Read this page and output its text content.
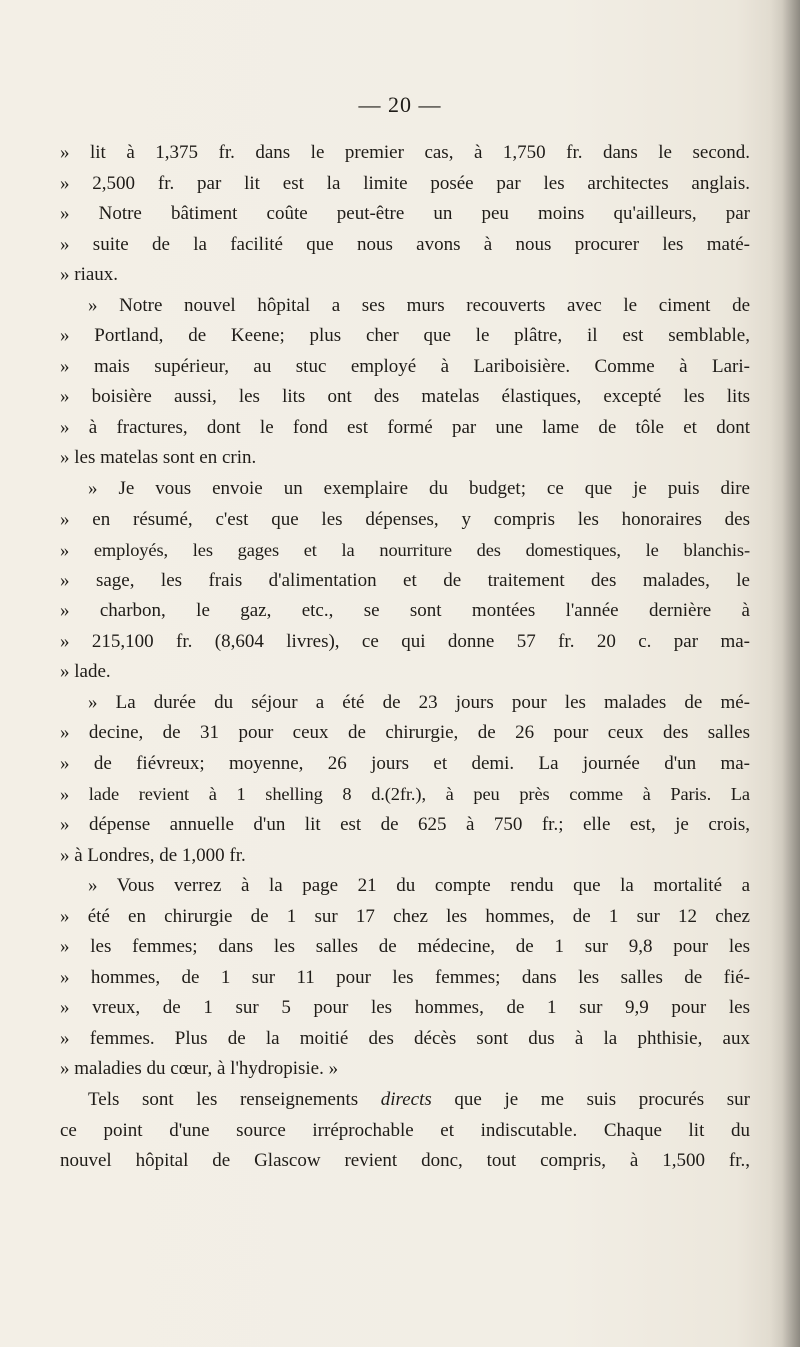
— 20 —
» lit à 1,375 fr. dans le premier cas, à 1,750 fr. dans le second.
» 2,500 fr. par lit est la limite posée par les architectes anglais.
» Notre bâtiment coûte peut-être un peu moins qu'ailleurs, par
» suite de la facilité que nous avons à nous procurer les maté-
» riaux.
» Notre nouvel hôpital a ses murs recouverts avec le ciment de
» Portland, de Keene; plus cher que le plâtre, il est semblable,
» mais supérieur, au stuc employé à Lariboisière. Comme à Lari-
» boisière aussi, les lits ont des matelas élastiques, excepté les lits
» à fractures, dont le fond est formé par une lame de tôle et dont
» les matelas sont en crin.
» Je vous envoie un exemplaire du budget; ce que je puis dire
» en résumé, c'est que les dépenses, y compris les honoraires des
» employés, les gages et la nourriture des domestiques, le blanchis-
» sage, les frais d'alimentation et de traitement des malades, le
» charbon, le gaz, etc., se sont montées l'année dernière à
» 215,100 fr. (8,604 livres), ce qui donne 57 fr. 20 c. par ma-
» lade.
» La durée du séjour a été de 23 jours pour les malades de mé-
» decine, de 31 pour ceux de chirurgie, de 26 pour ceux des salles
» de fiévreux; moyenne, 26 jours et demi. La journée d'un ma-
» lade revient à 1 shelling 8 d.(2fr.), à peu près comme à Paris. La
» dépense annuelle d'un lit est de 625 à 750 fr.; elle est, je crois,
» à Londres, de 1,000 fr.
» Vous verrez à la page 21 du compte rendu que la mortalité a
» été en chirurgie de 1 sur 17 chez les hommes, de 1 sur 12 chez
» les femmes; dans les salles de médecine, de 1 sur 9,8 pour les
» hommes, de 1 sur 11 pour les femmes; dans les salles de fié-
» vreux, de 1 sur 5 pour les hommes, de 1 sur 9,9 pour les
» femmes. Plus de la moitié des décès sont dus à la phthisie, aux
» maladies du cœur, à l'hydropisie. »
Tels sont les renseignements directs que je me suis procurés sur
ce point d'une source irréprochable et indiscutable. Chaque lit du
nouvel hôpital de Glascow revient donc, tout compris, à 1,500 fr.,
